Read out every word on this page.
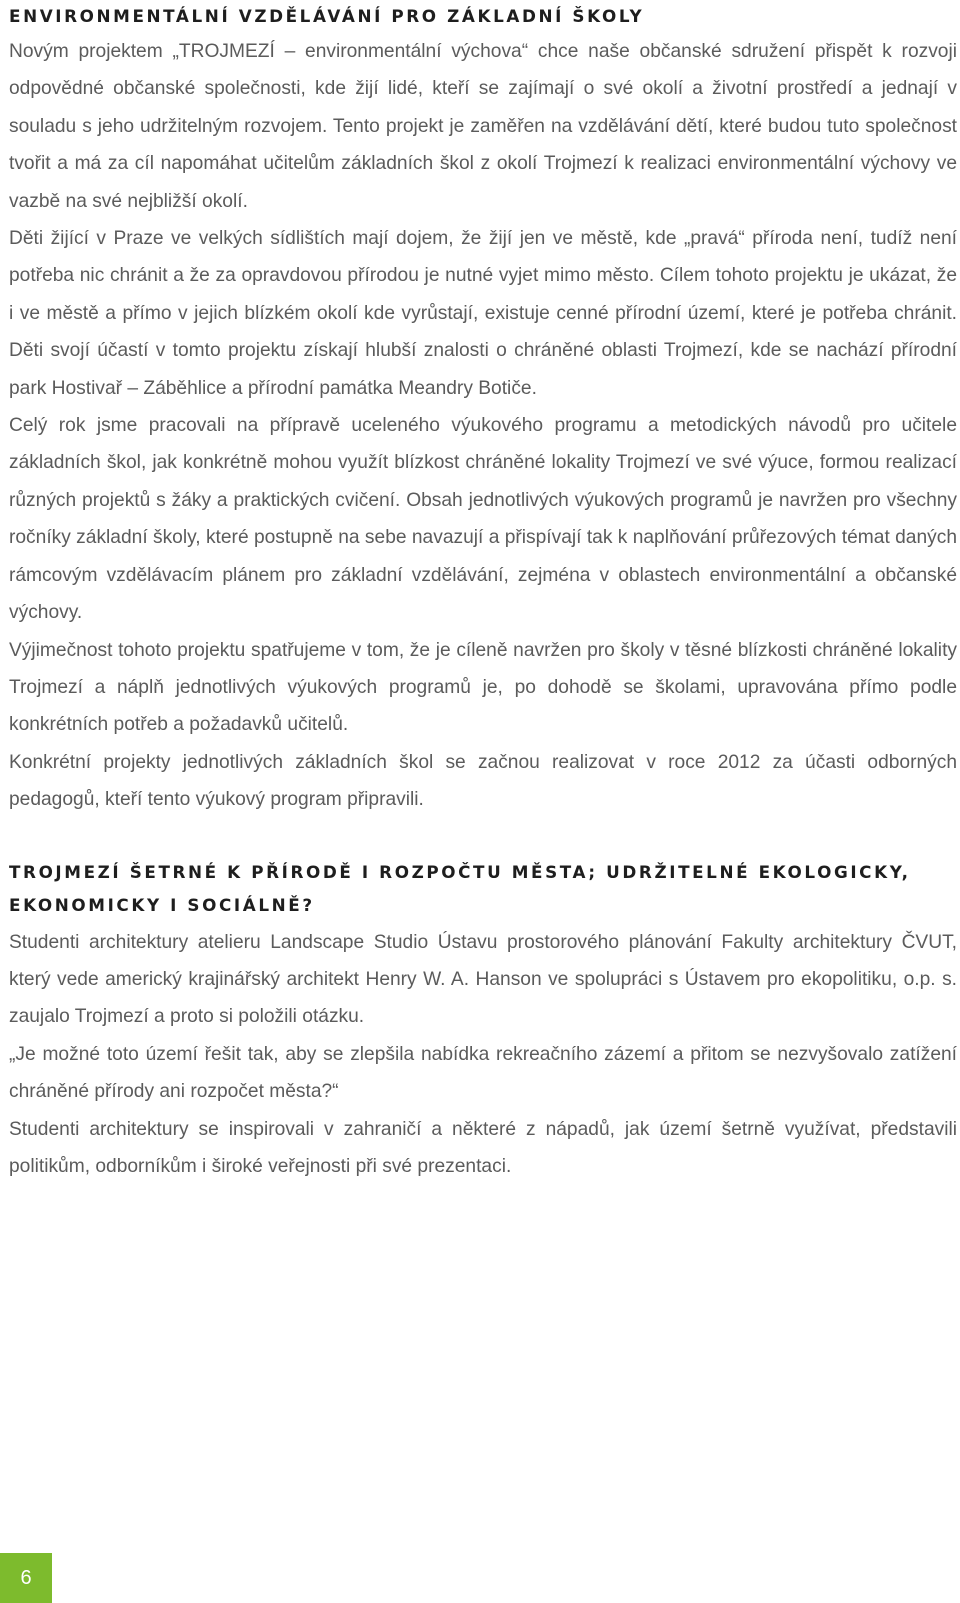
ENVIRONMENTÁLNÍ VZDĚLÁVÁNÍ PRO ZÁKLADNÍ ŠKOLY

Novým projektem „TROJMEZÍ – environmentální výchova“ chce naše občanské sdružení přispět k rozvoji odpovědné občanské společnosti, kde žijí lidé, kteří se zajímají o své okolí a životní prostředí a jednají v souladu s jeho udržitelným rozvojem. Tento projekt je zaměřen na vzdělávání dětí, které budou tuto společnost tvořit a má za cíl napomáhat učitelům základních škol z okolí Trojmezí k realizaci environmentální výchovy ve vazbě na své nejbližší okolí.

Děti žijící v Praze ve velkých sídlištích mají dojem, že žijí jen ve městě, kde „pravá“ příroda není, tudíž není potřeba nic chránit a že za opravdovou přírodou je nutné vyjet mimo město. Cílem tohoto projektu je ukázat, že i ve městě a přímo v jejich blízkém okolí kde vyrůstají, existuje cenné přírodní území, které je potřeba chránit. Děti svojí účastí v tomto projektu získají hlubší znalosti o chráněné oblasti Trojmezí, kde se nachází přírodní park Hostivař – Záběhlice a přírodní památka Meandry Botiče.

Celý rok jsme pracovali na přípravě uceleného výukového programu a metodických návodů pro učitele základních škol, jak konkrétně mohou využít blízkost chráněné lokality Trojmezí ve své výuce, formou realizací různých projektů s žáky a praktických cvičení. Obsah jednotlivých výukových programů je navržen pro všechny ročníky základní školy, které postupně na sebe navazují a přispívají tak k naplňování průřezových témat daných rámcovým vzdělávacím plánem pro základní vzdělávání, zejména v oblastech environmentální a občanské výchovy.

Výjimečnost tohoto projektu spatřujeme v tom, že je cíleně navržen pro školy v těsné blízkosti chráněné lokality Trojmezí a náplň jednotlivých výukových programů je, po dohodě se školami, upravována přímo podle konkrétních potřeb a požadavků učitelů.

Konkrétní projekty jednotlivých základních škol se začnou realizovat v roce 2012 za účasti odborných pedagogů, kteří tento výukový program připravili.

TROJMEZÍ ŠETRNÉ K PŘÍRODĚ I ROZPOČTU MĚSTA; UDRŽITELNÉ EKOLOGICKY, EKONOMICKY I SOCIÁLNĚ?

Studenti architektury atelieru Landscape Studio Ústavu prostorového plánování Fakulty architektury ČVUT, který vede americký krajinářský architekt Henry W. A. Hanson ve spolupráci s Ústavem pro ekopolitiku, o.p. s. zaujalo Trojmezí a proto si položili otázku.

„Je možné toto území řešit tak, aby se zlepšila nabídka rekreačního zázemí a přitom se nezvyšovalo zatížení chráněné přírody ani rozpočet města?“

Studenti architektury se inspirovali v zahraničí a některé z nápadů, jak území šetrně využívat, představili politikům, odborníkům i široké veřejnosti při své prezentaci.

6
